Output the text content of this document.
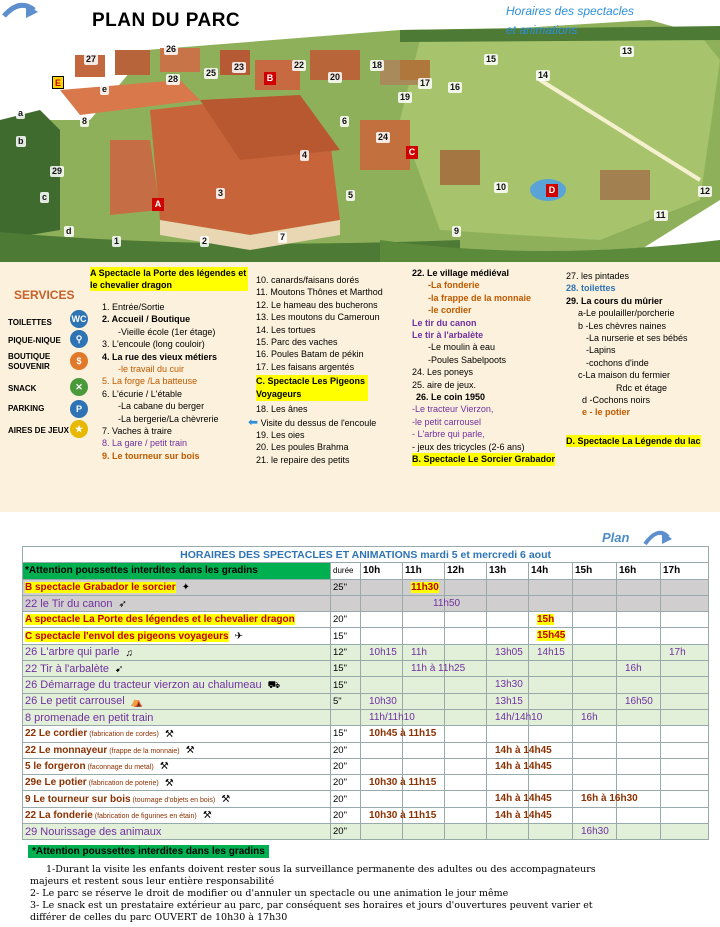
PLAN DU PARC	Horaires des spectacles et animations
27
26
25
23
28
22
20
18
19
16
17
15
14
13
24
E	B
A
C
D
29
1	2
3
4
5
6
7
8
9
10
11
12
b
a
c
e
d
SERVICES
TOILETTES WC
PIQUE-NIQUE	⚲
BOUTIQUE SOUVENIR
$
SNACK	✕
PARKING	P
AIRES DE JEUX ★
A Spectacle la Porte des légendes et le chevalier dragon
1. Entrée/Sortie
2. Accueil / Boutique
-Vieille école (1er étage)
3. L'encoule (long couloir)
4. La rue des vieux métiers
-le travail du cuir
5. La forge /La batteuse
6. L'écurie / L'étable
-La cabane du berger
-La bergerie/La chèvrerie
7. Vaches à traire
8. La gare / petit train
9. Le tourneur sur bois
10. canards/faisans dorés
11. Moutons Thônes et Marthod
12. Le hameau des bucherons
13. Les moutons du Cameroun
14. Les tortues
15. Parc des vaches
16. Poules Batam de pékin
17. Les faisans argentés
C. Spectacle Les Pigeons Voyageurs
18. Les ânes
⬅ Visite du dessus de l'encoule
19. Les oies
20. Les poules Brahma
21. le repaire des petits
22. Le village médiéval
-La fonderie
-la frappe de la monnaie
-le cordier
Le tir du canon
Le tir à l'arbalète
-Le moulin à eau
-Poules Sabelpoots
24. Les poneys
25. aire de jeux.
26. Le coin 1950
-Le tracteur Vierzon,
-le petit carrousel
- L'arbre qui parle,
- jeux des tricycles (2-6 ans)
B. Spectacle Le Sorcier Grabador
27. les pintades
28. toilettes
29. La cours du mûrier
a-Le poulailler/porcherie
b -Les chèvres naines
-La nurserie et ses bébés
-Lapins
-cochons d'inde
c-La maison du fermier
Rdc et étage
d -Cochons noirs
e - le potier
D. Spectacle La Légende du lac
Plan
HORAIRES DES SPECTACLES ET ANIMATIONS mardi 5 et mercredi 6 aout									
*Attention poussettes interdites dans les gradins	durée	10h	11h	12h	13h	14h	15h	16h	17h
B spectacle Grabador le sorcier ✦	25"		11h30						

22 le Tir du canon ➶			11h50						

A spectacle La Porte des légendes et le chevalier dragon	20"					15h			

C spectacle l'envol des pigeons voyageurs ✈	15"					15h45			

26 L'arbre qui parle ♫	12"	10h15	11h		13h05	14h15			17h

22 Tir à l'arbalète ➹	15"		11h à 11h25					16h	

26 Démarrage du tracteur vierzon au chalumeau ⛟	15"				13h30				

26 Le petit carrousel ⛺	5"	10h30			13h15			16h50	

8 promenade en petit train		11h/11h10			14h/14h10		16h		

22 Le cordier (fabrication de cordes) ⚒	15"	10h45 à 11h15							

22 Le monnayeur (frappe de la monnaie) ⚒	20"				14h à 14h45				

5 le forgeron (faconnage du metal) ⚒	20"				14h à 14h45				

29e Le potier (fabrication de poterie) ⚒	20"	10h30 à 11h15							

9 Le tourneur sur bois (tournage d'objets en bois) ⚒	20"				14h à 14h45		16h à 16h30		

22 La fonderie (fabrication de figurines en étain) ⚒	20"	10h30 à 11h15			14h à 14h45				

29 Nourissage des animaux	20"						16h30		

*Attention poussettes interdites dans les gradins
1-Durant la visite les enfants doivent rester sous la surveillance permanente des adultes ou des accompagnateurs
majeurs et restent sous leur entière responsabilité
2- Le parc se réserve le droit de modifier ou d'annuler un spectacle ou une animation le jour même
3- Le snack est un prestataire extérieur au parc, par conséquent ses horaires et jours d'ouvertures peuvent varier et
différer de celles du parc OUVERT de 10h30 à 17h30
